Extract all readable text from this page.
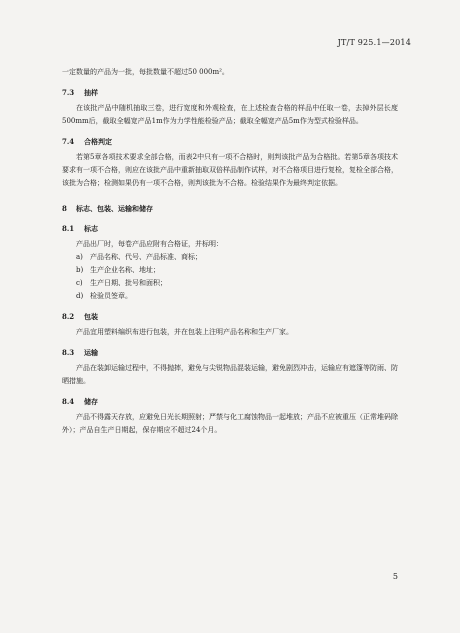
JT/T 925.1—2014

一定数量的产品为一批，每批数量不超过50 000m²。

7.3 抽样

在该批产品中随机抽取三卷，进行宽度和外观检查，在上述检查合格的样品中任取一卷，去掉外层长度500mm后，截取全幅宽产品1m作为力学性能检验产品；截取全幅宽产品5m作为型式检验样品。

7.4 合格判定

若第5章各项技术要求全部合格，而表2中只有一项不合格时，则判该批产品为合格批。若第5章各项技术要求有一项不合格，则应在该批产品中重新抽取双倍样品制作试样，对不合格项目进行复检，复检全部合格，该批为合格；检测如果仍有一项不合格，则判该批为不合格。检验结果作为最终判定依据。

8 标志、包装、运输和储存
8.1 标志

产品出厂时，每卷产品应附有合格证，并标明：

a) 产品名称、代号、产品标准、商标；
b) 生产企业名称、地址；
c) 生产日期、批号和面积；
d) 检验员签章。
8.2 包装

产品宜用塑料编织布进行包装，并在包装上注明产品名称和生产厂家。

8.3 运输

产品在装卸运输过程中，不得抛摔，避免与尖锐物品混装运输，避免剧烈冲击，运输应有遮篷等防雨、防晒措施。

8.4 储存

产品不得露天存放，应避免日光长期照射；严禁与化工腐蚀物品一起堆放；产品不应被重压（正常堆码除外）；产品自生产日期起，保存期应不超过24个月。

5
